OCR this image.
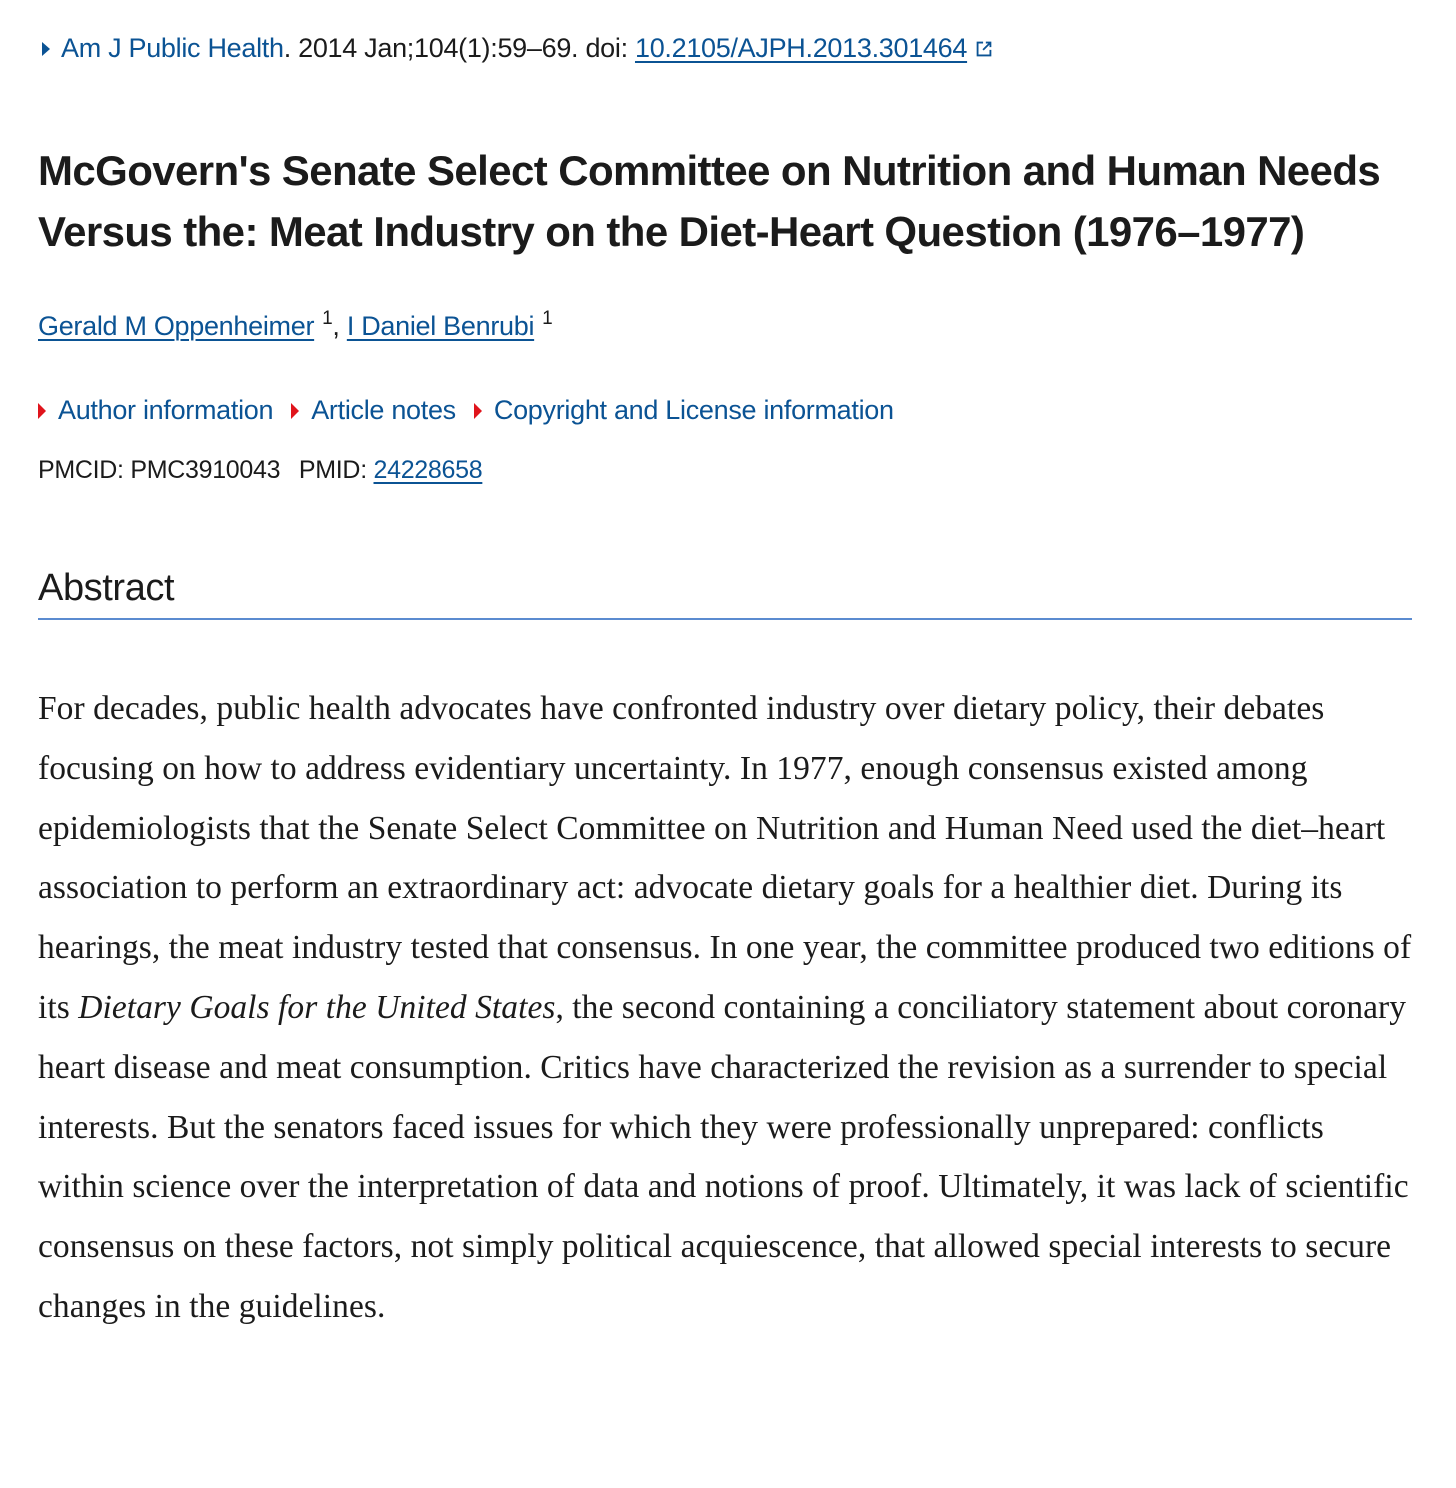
Am J Public Health. 2014 Jan;104(1):59–69. doi: 10.2105/AJPH.2013.301464
McGovern's Senate Select Committee on Nutrition and Human Needs Versus the: Meat Industry on the Diet-Heart Question (1976–1977)
Gerald M Oppenheimer $^1$, I Daniel Benrubi $^1$
Author information Article notes Copyright and License information
PMCID: PMC3910043 PMID: 24228658
Abstract

For decades, public health advocates have confronted industry over dietary policy, their debates focusing on how to address evidentiary uncertainty. In 1977, enough consensus existed among epidemiologists that the Senate Select Committee on Nutrition and Human Need used the diet–heart association to perform an extraordinary act: advocate dietary goals for a healthier diet. During its hearings, the meat industry tested that consensus. In one year, the committee produced two editions of its Dietary Goals for the United States, the second containing a conciliatory statement about coronary heart disease and meat consumption. Critics have characterized the revision as a surrender to special interests. But the senators faced issues for which they were professionally unprepared: conflicts within science over the interpretation of data and notions of proof. Ultimately, it was lack of scientific consensus on these factors, not simply political acquiescence, that allowed special interests to secure changes in the guidelines.
